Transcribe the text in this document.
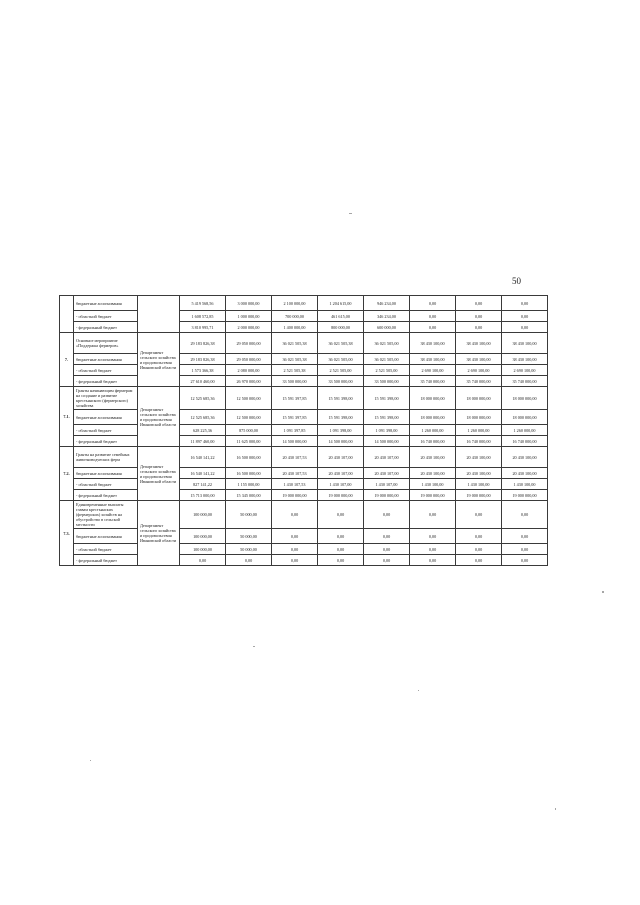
50
	бюджетные ассигнования		5 419 568,56	3 000 000,00	2 100 000,00	1 204 615,00	946 234,00	0,00	0,00	0,00
	- областной бюджет		1 608 572,85	1 000 000,00	700 000,00	461 615,00	346 234,00	0,00	0,00	0,00
	- федеральный бюджет		3 810 995,71	2 000 000,00	1 400 000,00	800 000,00	600 000,00	0,00	0,00	0,00
7.	Основное мероприятие «Поддержка фермеров»	Департамент сельского хозяйства и продовольствия Ивановской области	29 183 826,38	29 050 000,00	36 021 505,38	36 021 505,38	36 021 505,00	38 430 100,00	38 430 100,00	38 430 100,00
	бюджетные ассигнования		29 183 826,38	29 050 000,00	36 021 505,38	36 021 505,00	36 021 505,00	38 430 100,00	38 430 100,00	38 430 100,00
	- областной бюджет		1 573 366,38	2 080 000,00	2 521 505,38	2 521 505,00	2 521 505,00	2 690 100,00	2 690 100,00	2 690 100,00
	- федеральный бюджет		27 610 460,00	26 970 000,00	33 500 000,00	33 500 000,00	33 500 000,00	35 740 000,00	35 740 000,00	35 740 000,00
7.1.	Гранты начинающим фермерам на создание и развитие крестьянского (фермерского) хозяйства	Департамент сельского хозяйства и продовольствия Ивановской области	12 525 685,36	12 500 000,00	15 591 397,85	15 591 398,00	15 591 398,00	18 000 000,00	18 000 000,00	18 000 000,00
	бюджетные ассигнования		12 525 685,36	12 500 000,00	15 591 397,85	15 591 398,00	15 591 398,00	18 000 000,00	18 000 000,00	18 000 000,00
	- областной бюджет		628 225,36	875 000,00	1 091 397,85	1 091 398,00	1 091 398,00	1 260 000,00	1 260 000,00	1 260 000,00
	- федеральный бюджет		11 897 460,00	11 625 000,00	14 500 000,00	14 500 000,00	14 500 000,00	16 740 000,00	16 740 000,00	16 740 000,00
7.2.	Гранты на развитие семейных животноводческих ферм	Департамент сельского хозяйства и продовольствия Ивановской области	16 540 141,22	16 500 000,00	20 430 107,53	20 430 107,00	20 430 107,00	20 430 100,00	20 430 100,00	20 430 100,00
	бюджетные ассигнования		16 540 141,22	16 500 000,00	20 430 107,53	20 430 107,00	20 430 107,00	20 430 100,00	20 430 100,00	20 430 100,00
	- областной бюджет		827 141,22	1 155 000,00	1 430 107,53	1 430 107,00	1 430 107,00	1 430 100,00	1 430 100,00	1 430 100,00
	- федеральный бюджет		15 713 000,00	15 345 000,00	19 000 000,00	19 000 000,00	19 000 000,00	19 000 000,00	19 000 000,00	19 000 000,00
7.3.	Единовременные выплаты главам крестьянских (фермерских) хозяйств на обустройство в сельской местности	Департамент сельского хозяйства и продовольствия Ивановской области	100 000,00	50 000,00	0,00	0,00	0,00	0,00	0,00	0,00
	бюджетные ассигнования		100 000,00	50 000,00	0,00	0,00	0,00	0,00	0,00	0,00
	- областной бюджет		100 000,00	50 000,00	0,00	0,00	0,00	0,00	0,00	0,00
	- федеральный бюджет		0,00	0,00	0,00	0,00	0,00	0,00	0,00	0,00
